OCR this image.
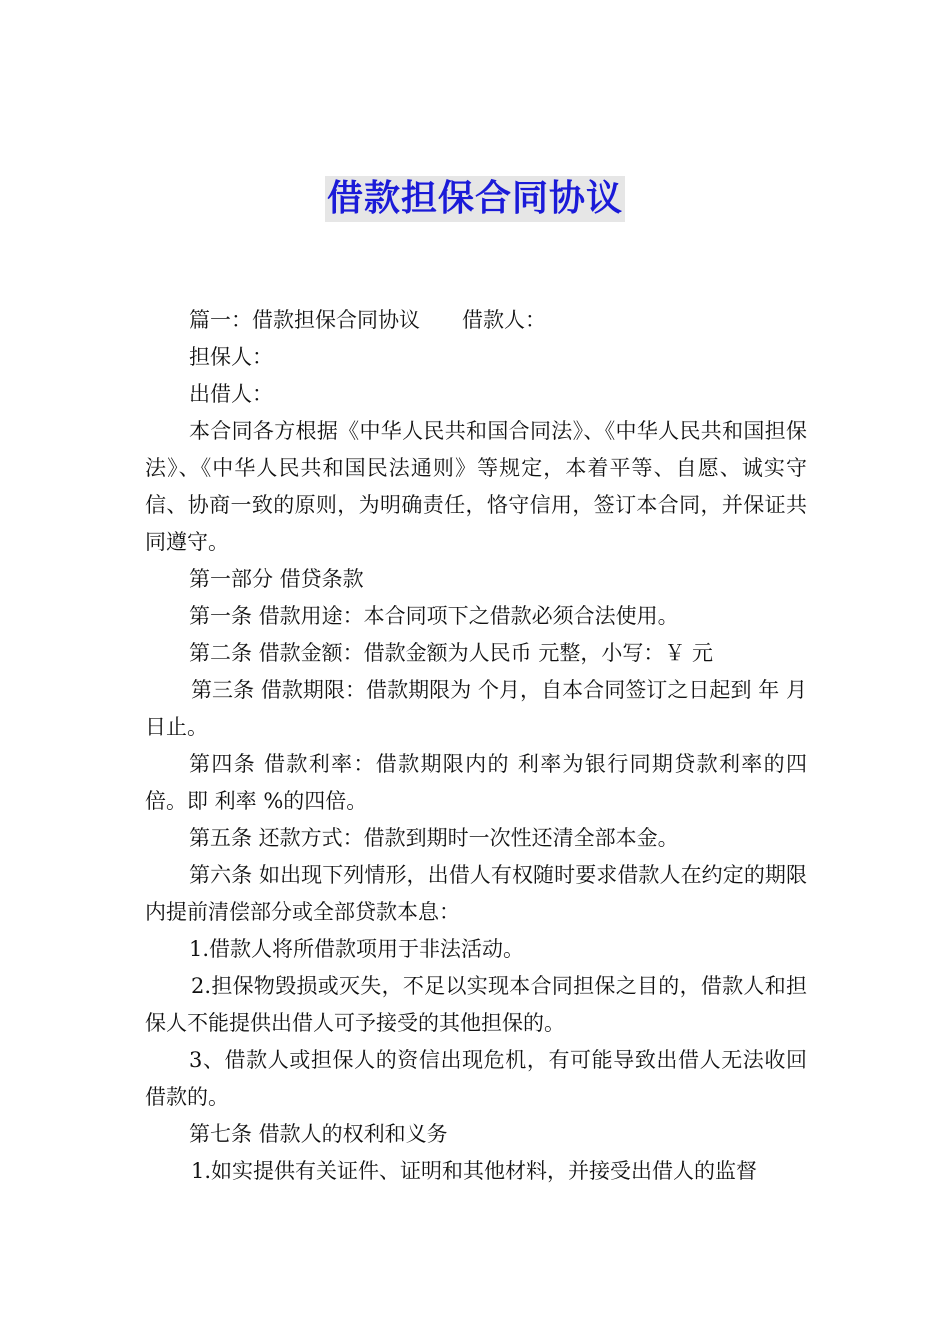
借款担保合同协议

篇一：借款担保合同协议　　借款人：

担保人：

出借人：

本合同各方根据《中华人民共和国合同法》、《中华人民共和国担保法》、《中华人民共和国民法通则》等规定，本着平等、自愿、诚实守信、协商一致的原则，为明确责任，恪守信用，签订本合同，并保证共同遵守。

第一部分 借贷条款

第一条 借款用途：本合同项下之借款必须合法使用。

第二条 借款金额：借款金额为人民币 元整，小写：￥ 元

第三条 借款期限：借款期限为 个月，自本合同签订之日起到 年 月 日止。

第四条 借款利率：借款期限内的 利率为银行同期贷款利率的四倍。即 利率 %的四倍。

第五条 还款方式：借款到期时一次性还清全部本金。

第六条 如出现下列情形，出借人有权随时要求借款人在约定的期限内提前清偿部分或全部贷款本息：

1.借款人将所借款项用于非法活动。

2.担保物毁损或灭失，不足以实现本合同担保之目的，借款人和担保人不能提供出借人可予接受的其他担保的。

3、借款人或担保人的资信出现危机，有可能导致出借人无法收回借款的。

第七条 借款人的权利和义务

1.如实提供有关证件、证明和其他材料，并接受出借人的监督
